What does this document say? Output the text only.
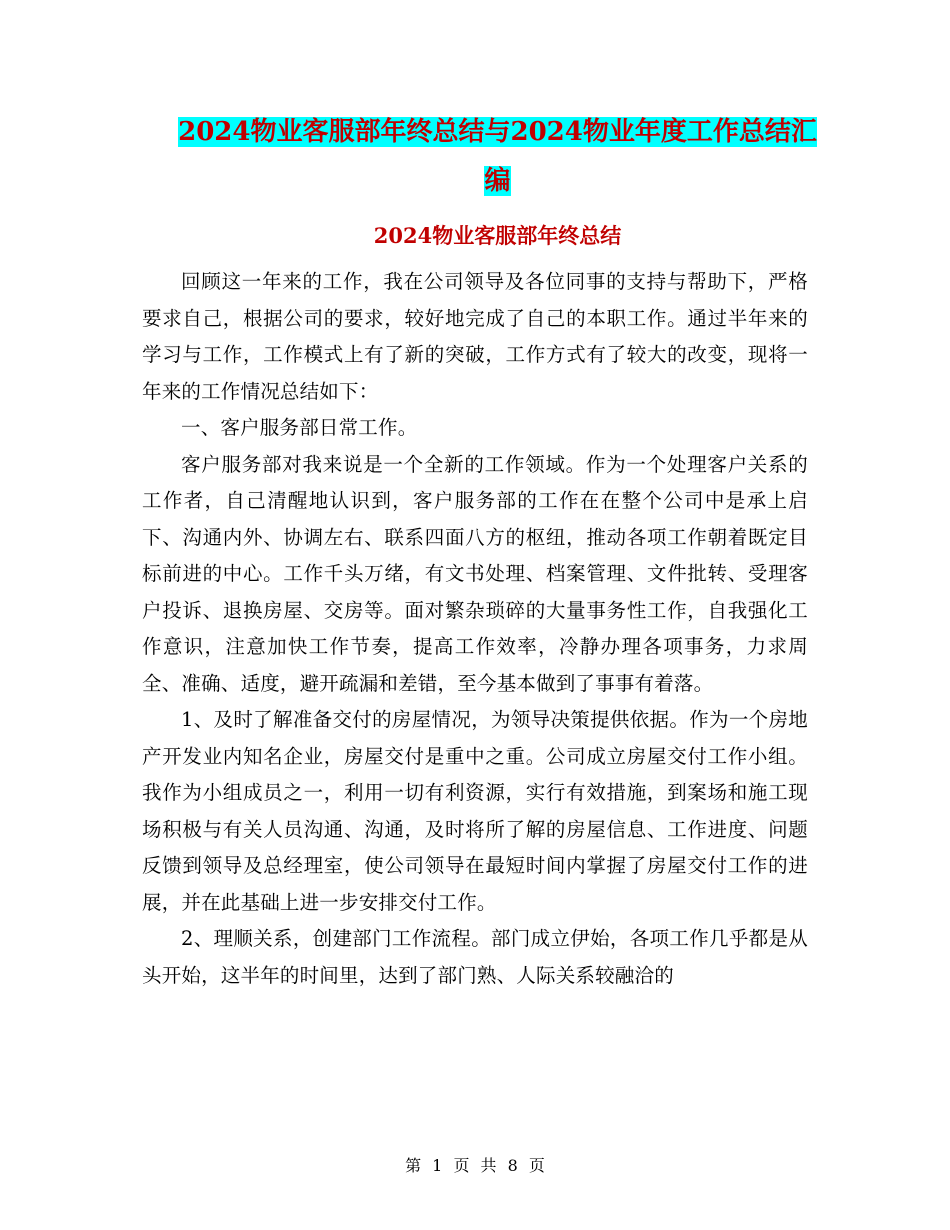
2024物业客服部年终总结与2024物业年度工作总结汇
编
2024物业客服部年终总结

回顾这一年来的工作，我在公司领导及各位同事的支持与帮助下，严格要求自己，根据公司的要求，较好地完成了自己的本职工作。通过半年来的学习与工作，工作模式上有了新的突破，工作方式有了较大的改变，现将一年来的工作情况总结如下：

一、客户服务部日常工作。

客户服务部对我来说是一个全新的工作领域。作为一个处理客户关系的工作者，自己清醒地认识到，客户服务部的工作在在整个公司中是承上启下、沟通内外、协调左右、联系四面八方的枢纽，推动各项工作朝着既定目标前进的中心。工作千头万绪，有文书处理、档案管理、文件批转、受理客户投诉、退换房屋、交房等。面对繁杂琐碎的大量事务性工作，自我强化工作意识，注意加快工作节奏，提高工作效率，冷静办理各项事务，力求周全、准确、适度，避开疏漏和差错，至今基本做到了事事有着落。

1、及时了解准备交付的房屋情况，为领导决策提供依据。作为一个房地产开发业内知名企业，房屋交付是重中之重。公司成立房屋交付工作小组。我作为小组成员之一，利用一切有利资源，实行有效措施，到案场和施工现场积极与有关人员沟通、沟通，及时将所了解的房屋信息、工作进度、问题反馈到领导及总经理室，使公司领导在最短时间内掌握了房屋交付工作的进展，并在此基础上进一步安排交付工作。

2、理顺关系，创建部门工作流程。部门成立伊始，各项工作几乎都是从头开始，这半年的时间里，达到了部门熟、人际关系较融洽的

第 1 页 共 8 页
